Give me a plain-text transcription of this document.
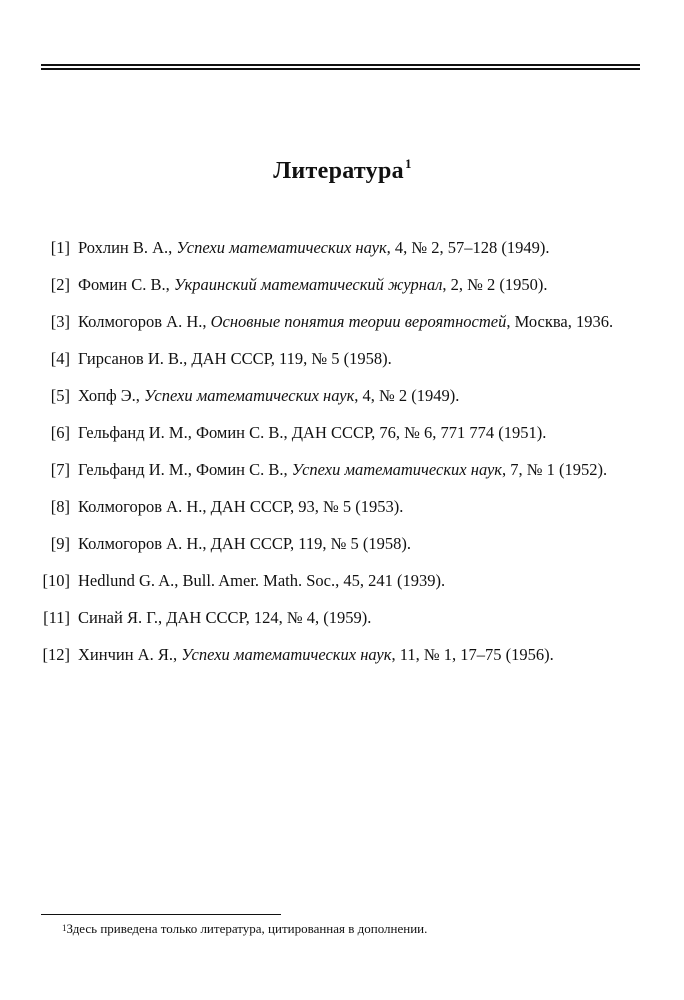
Литература$^1$
[1] Рохлин В. А., Успехи математических наук, 4, № 2, 57–128 (1949).
[2] Фомин С. В., Украинский математический журнал, 2, № 2 (1950).
[3] Колмогоров А. Н., Основные понятия теории вероятностей, Москва, 1936.
[4] Гирсанов И. В., ДАН СССР, 119, № 5 (1958).
[5] Хопф Э., Успехи математических наук, 4, № 2 (1949).
[6] Гельфанд И. М., Фомин С. В., ДАН СССР, 76, № 6, 771 774 (1951).
[7] Гельфанд И. М., Фомин С. В., Успехи математических наук, 7, № 1 (1952).
[8] Колмогоров А. Н., ДАН СССР, 93, № 5 (1953).
[9] Колмогоров А. Н., ДАН СССР, 119, № 5 (1958).
[10] Hedlund G. A., Bull. Amer. Math. Soc., 45, 241 (1939).
[11] Синай Я. Г., ДАН СССР, 124, № 4, (1959).
[12] Хинчин А. Я., Успехи математических наук, 11, № 1, 17–75 (1956).
$^1$Здесь приведена только литература, цитированная в дополнении.
